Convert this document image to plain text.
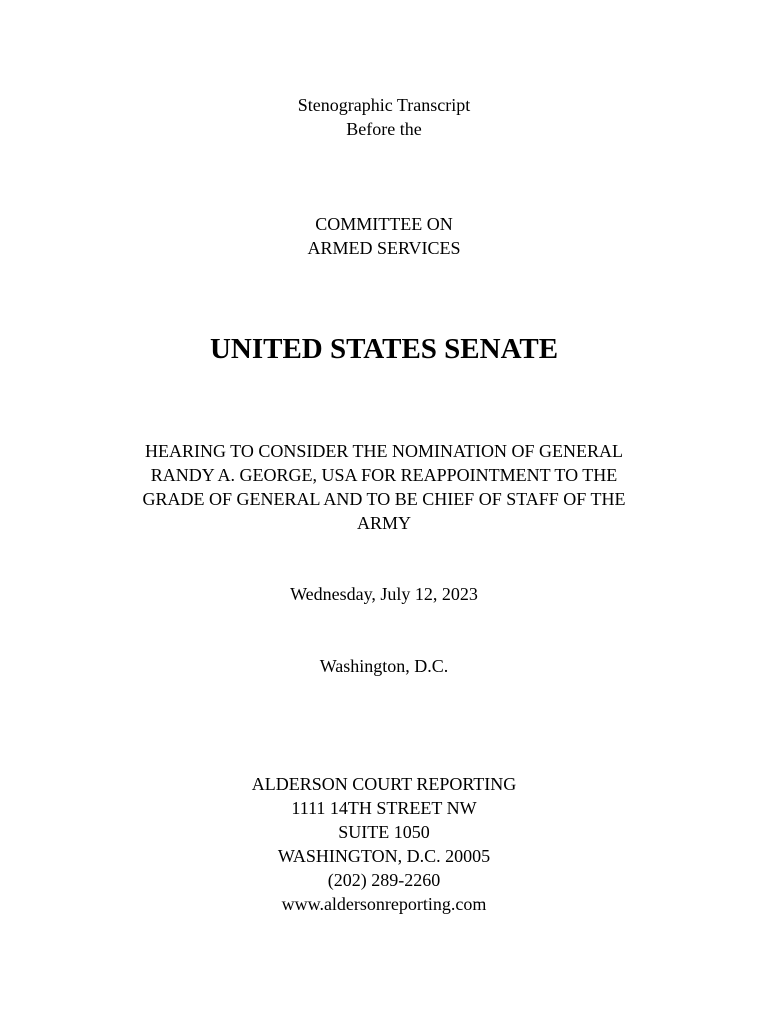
Stenographic Transcript
Before the
COMMITTEE ON
ARMED SERVICES
UNITED STATES SENATE
HEARING TO CONSIDER THE NOMINATION OF GENERAL
RANDY A. GEORGE, USA FOR REAPPOINTMENT TO THE
GRADE OF GENERAL AND TO BE CHIEF OF STAFF OF THE
ARMY
Wednesday, July 12, 2023
Washington, D.C.
ALDERSON COURT REPORTING
1111 14TH STREET NW
SUITE 1050
WASHINGTON, D.C. 20005
(202) 289-2260
www.aldersonreporting.com
